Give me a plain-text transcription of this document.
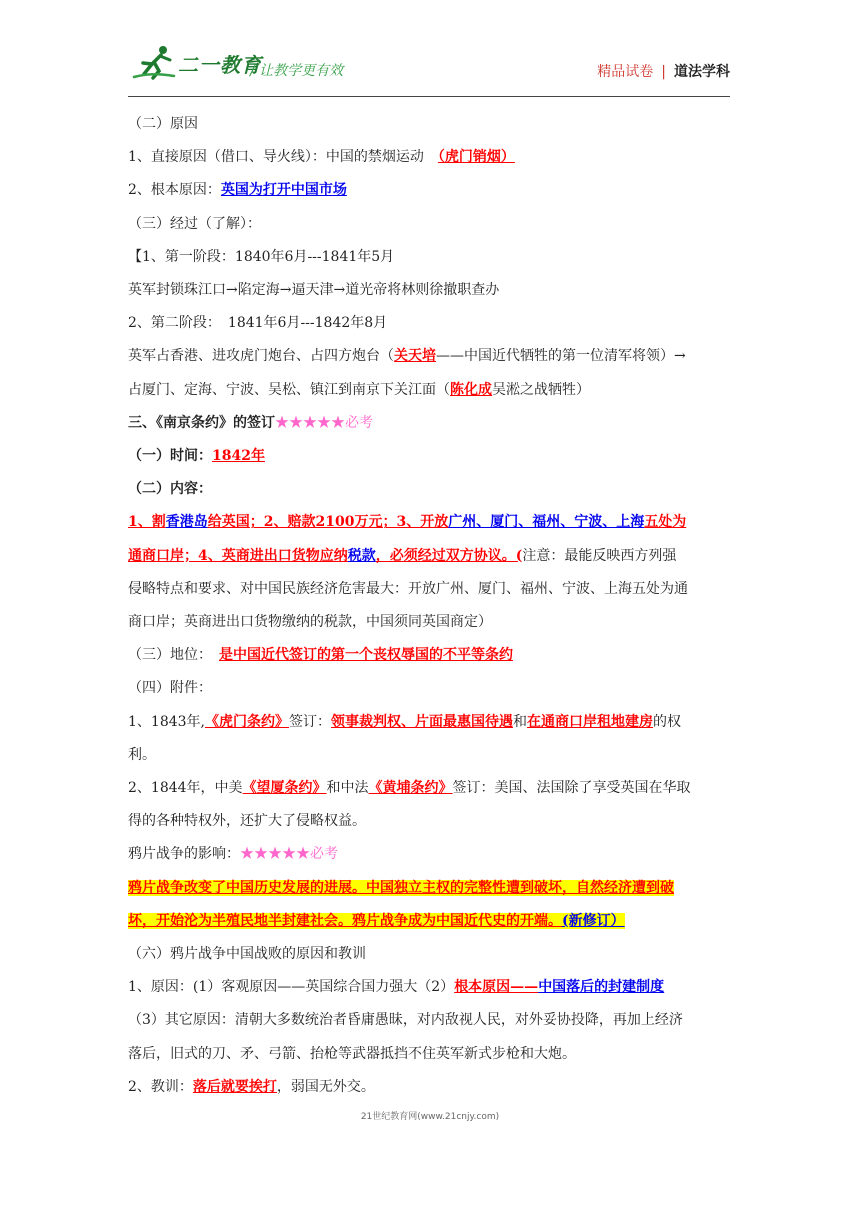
二一教育
/ 让教学更有效	精品试卷 | 道法学科

（二）原因

1、直接原因（借口、导火线）：中国的禁烟运动　（虎门销烟）

2、根本原因：英国为打开中国市场

（三）经过（了解）：

【1、第一阶段：1840年6月---1841年5月

英军封锁珠江口→陷定海→逼天津→道光帝将林则徐撤职查办

2、第二阶段：　1841年6月---1842年8月

英军占香港、进攻虎门炮台、占四方炮台（关天培——中国近代牺牲的第一位清军将领）→

占厦门、定海、宁波、吴松、镇江到南京下关江面（陈化成吴淞之战牺牲）

三、《南京条约》的签订★★★★★必考

（一）时间：1842年

（二）内容：

1、割香港岛给英国；2、赔款2100万元；3、开放广州、厦门、福州、宁波、上海五处为

通商口岸；4、英商进出口货物应纳税款，必须经过双方协议。(注意：最能反映西方列强

侵略特点和要求、对中国民族经济危害最大：开放广州、厦门、福州、宁波、上海五处为通

商口岸；英商进出口货物缴纳的税款，中国须同英国商定）

（三）地位：　是中国近代签订的第一个丧权辱国的不平等条约

（四）附件：

1、1843年,《虎门条约》签订：领事裁判权、片面最惠国待遇和在通商口岸租地建房的权

利。

2、1844年，中美《望厦条约》和中法《黄埔条约》签订：美国、法国除了享受英国在华取

得的各种特权外，还扩大了侵略权益。

鸦片战争的影响：★★★★★必考

鸦片战争改变了中国历史发展的进展。中国独立主权的完整性遭到破坏，自然经济遭到破

坏，开始沦为半殖民地半封建社会。鸦片战争成为中国近代史的开端。(新修订）

（六）鸦片战争中国战败的原因和教训

1、原因：(1）客观原因——英国综合国力强大（2）根本原因——中国落后的封建制度

（3）其它原因：清朝大多数统治者昏庸愚昧，对内敌视人民，对外妥协投降，再加上经济

落后，旧式的刀、矛、弓箭、抬枪等武器抵挡不住英军新式步枪和大炮。

2、教训：落后就要挨打，弱国无外交。

21世纪教育网(www.21cnjy.com)
